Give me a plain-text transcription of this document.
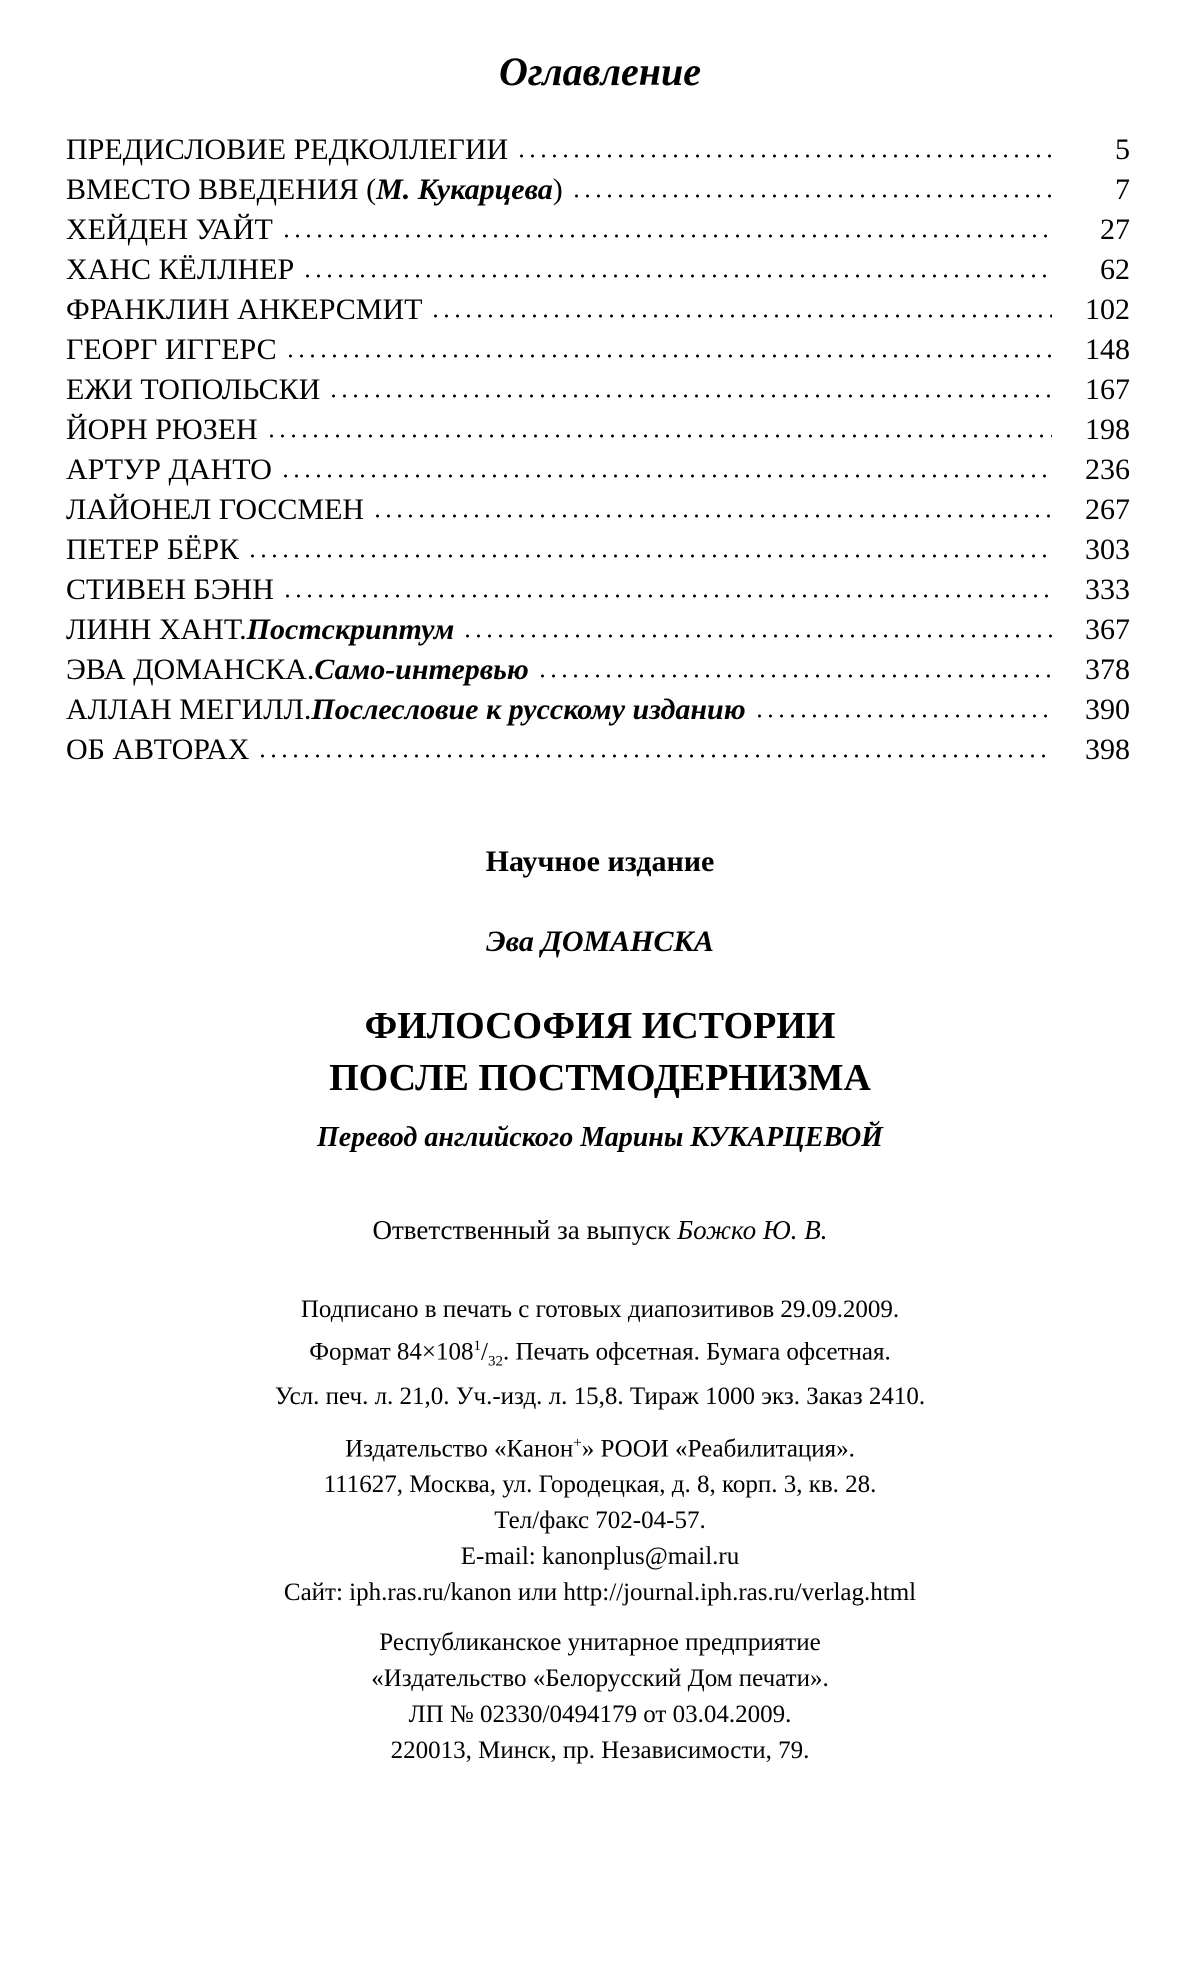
Оглавление
ПРЕДИСЛОВИЕ РЕДКОЛЛЕГИИ	5
ВМЕСТО ВВЕДЕНИЯ ( М. Кукарцева )	7
ХЕЙДЕН УАЙТ	27
ХАНС КЁЛЛНЕР	62
ФРАНКЛИН АНКЕРСМИТ	102
ГЕОРГ ИГГЕРС	148
ЕЖИ ТОПОЛЬСКИ	167
ЙОРН РЮЗЕН	198
АРТУР ДАНТО	236
ЛАЙОНЕЛ ГОССМЕН	267
ПЕТЕР БЁРК	303
СТИВЕН БЭНН	333
ЛИНН ХАНТ. Постскриптум	367
ЭВА ДОМАНСКА. Само-интервью	378
АЛЛАН МЕГИЛЛ. Послесловие к русскому изданию	390
ОБ АВТОРАХ	398
Научное издание
Эва ДОМАНСКА
ФИЛОСОФИЯ ИСТОРИИ
ПОСЛЕ ПОСТМОДЕРНИЗМА
Перевод английского Марины КУКАРЦЕВОЙ
Ответственный за выпуск Божко Ю. В.
Подписано в печать с готовых диапозитивов 29.09.2009.
Формат $84\times 108^1/_{32}$. Печать офсетная. Бумага офсетная.
Усл. печ. л. 21,0. Уч.-изд. л. 15,8. Тираж 1000 экз. Заказ 2410.
Издательство «Канон+» РООИ «Реабилитация».
111627, Москва, ул. Городецкая, д. 8, корп. 3, кв. 28.
Тел/факс 702-04-57.
E-mail: kanonplus@mail.ru
Сайт: iph.ras.ru/kanon или http://journal.iph.ras.ru/verlag.html
Республиканское унитарное предприятие
«Издательство «Белорусский Дом печати».
ЛП № 02330/0494179 от 03.04.2009.
220013, Минск, пр. Независимости, 79.
